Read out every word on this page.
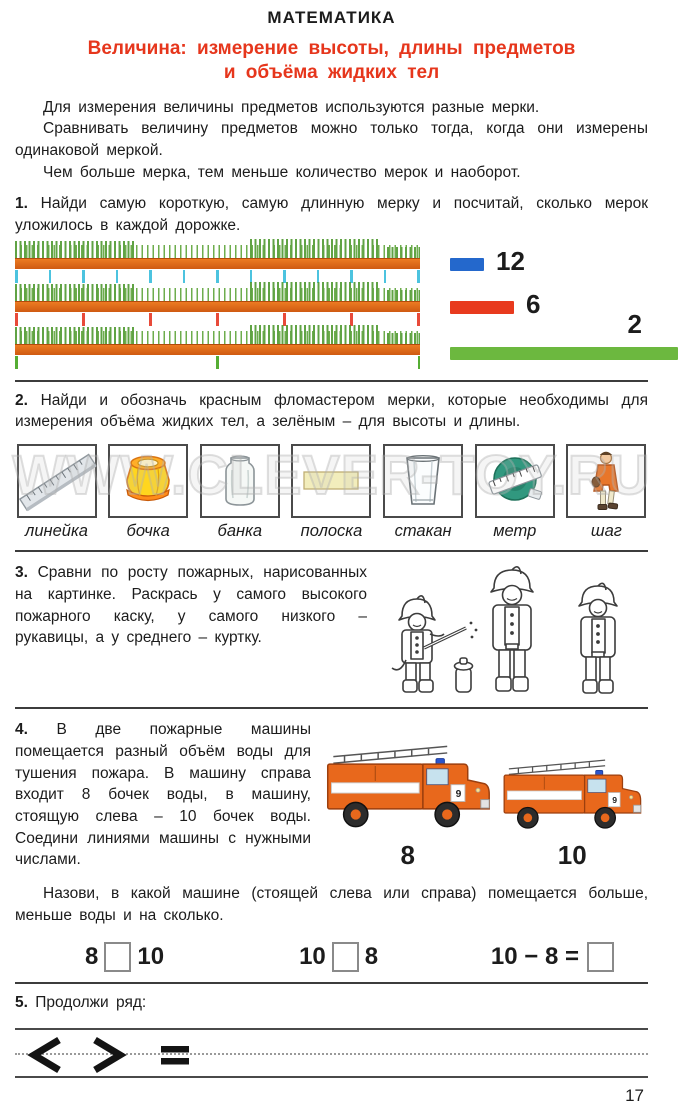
МАТЕМАТИКА
Величина: измерение высоты, длины предметов
и объёма жидких тел
Для измерения величины предметов используются разные мерки.
Сравнивать величину предметов можно только тогда, когда они измерены одинаковой меркой.
Чем больше мерка, тем меньше количество мерок и наоборот.
1. Найди самую короткую, самую длинную мерку и посчитай, сколько мерок уложилось в каждой дорожке.
12
6
2
2. Найди и обозначь красным фломастером мерки, которые необходимы для измерения объёма жидких тел, а зелёным – для высоты и длины.
линейка бочка	банка полоска стакан	метр	шаг
3. Сравни по росту пожарных, нарисованных на картинке. Раскрась у самого высокого пожарного каску, у самого низкого – рукавицы, а у среднего – куртку.
4. В две пожарные машины помещается разный объём воды для тушения пожара. В машину справа входит 8 бочек воды, в машину, стоящую слева – 10 бочек воды. Соедини линиями машины с нужными числами.
9
8
9
10
Назови, в какой машине (стоящей слева или справа) помещается больше, меньше воды и на сколько.
8 10	10 8	10 − 8 =
5. Продолжи ряд:
17
